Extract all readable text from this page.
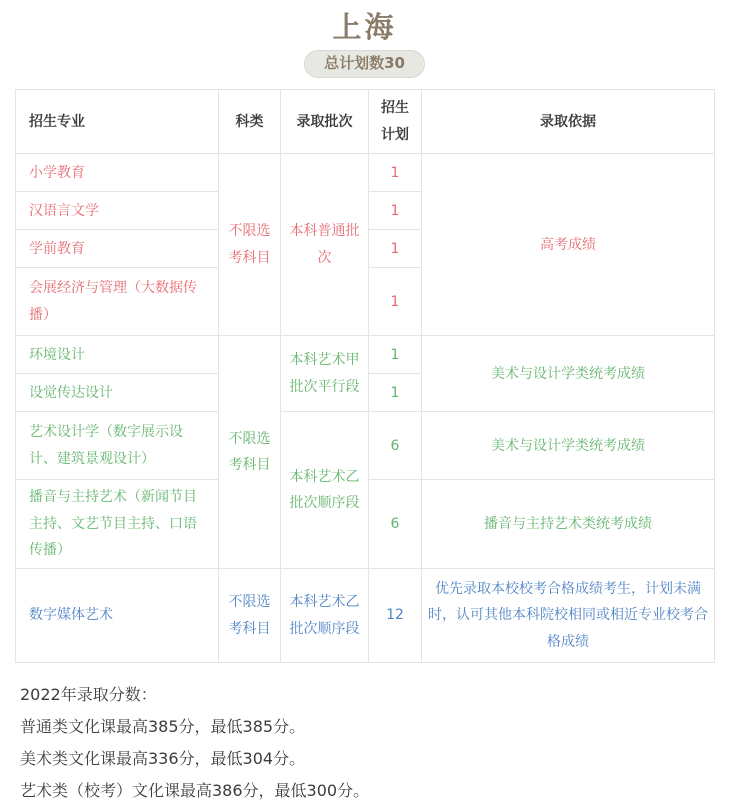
上海
总计划数30
招生专业	科类	录取批次	招生计划	录取依据
小学教育	不限选考科目	本科普通批次	1	高考成绩
汉语言文学			1	
学前教育			1	
会展经济与管理（大数据传播）			1	
环境设计	不限选考科目	本科艺术甲批次平行段	1	美术与设计学类统考成绩
设觉传达设计			1	
艺术设计学（数字展示设计、建筑景观设计）		本科艺术乙批次顺序段	6	美术与设计学类统考成绩
播音与主持艺术（新闻节目主持、文艺节目主持、口语传播）			6	播音与主持艺术类统考成绩
数字媒体艺术	不限选考科目	本科艺术乙批次顺序段	12	优先录取本校校考合格成绩考生，计划未满时，认可其他本科院校相同或相近专业校考合格成绩

2022年录取分数：

普通类文化课最高385分，最低385分。

美术类文化课最高336分，最低304分。

艺术类（校考）文化课最高386分，最低300分。
